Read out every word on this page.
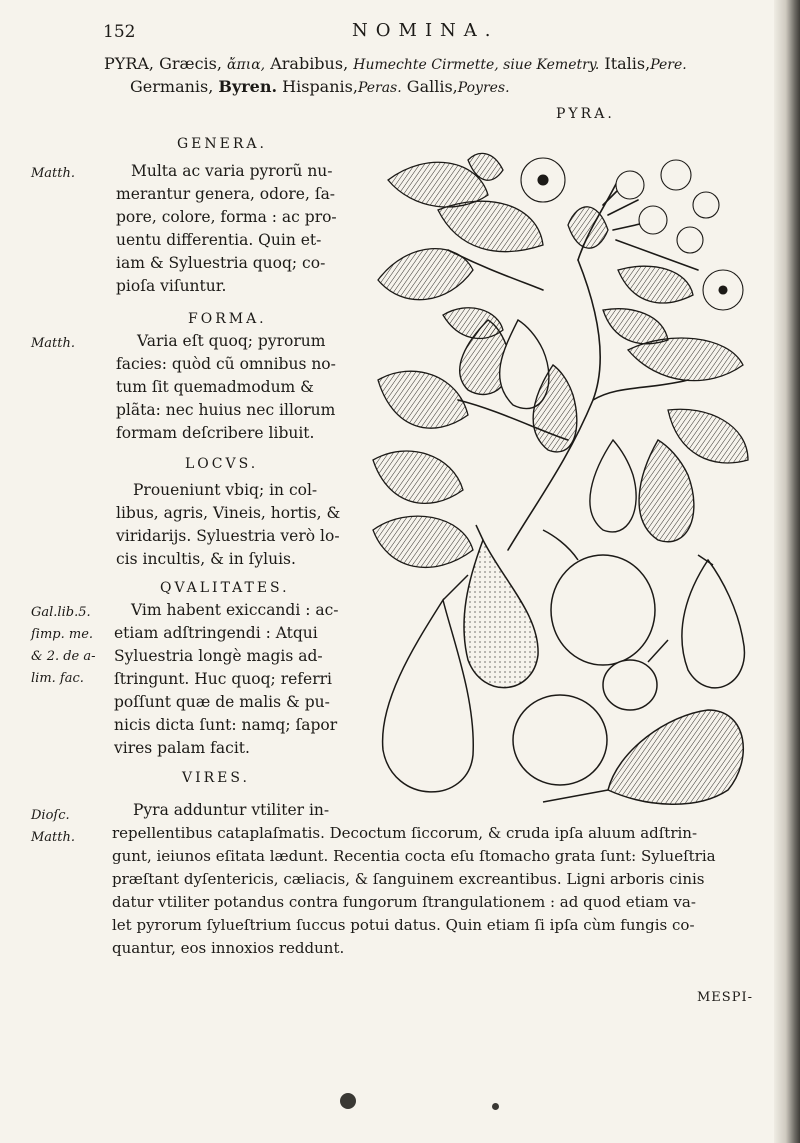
152	NOMINA.
PYRA, Græcis, ἄπια, Arabibus, Humechte Cirmette, siue Kemetry. Italis,Pere.
Germanis, Byren. Hispanis,Peras. Gallis,Poyres.
PYRA.
GENERA.
Matth.	Multa ac varia pyrorũ nu-
merantur genera, odore, ſa-
pore, colore, forma : ac pro-
uentu differentia. Quin et-
iam & Syluestria quoq; co-
pioſa viſuntur.
FORMA.
Matth.	Varia eſt quoq; pyrorum
facies: quòd cũ omnibus no-
tum ſit quemadmodum &
plãta: nec huius nec illorum
formam deſcribere libuit.
LOCVS.
Proueniunt vbiq; in col-
libus, agris, Vineis, hortis, &
viridarijs. Syluestria verò lo-
cis incultis, & in ſyluis.
QVALITATES.
Gal.lib.5.
ſimp. me.
& 2. de a-
lim. fac.
Vim habent exiccandi : ac-
etiam adſtringendi : Atqui
Syluestria longè magis ad-
ſtringunt. Huc quoq; referri
poſſunt quæ de malis & pu-
nicis dicta ſunt: namq; ſapor
vires palam facit.
VIRES.
Dioſc.
Matth.
Pyra adduntur vtiliter in-
repellentibus cataplaſmatis. Decoctum ſiccorum, & cruda ipſa aluum adſtrin-
gunt, ieiunos eſitata lædunt. Recentia cocta eſu ſtomacho grata ſunt: Sylueſtria
præſtant dyſentericis, cæliacis, & ſanguinem excreantibus. Ligni arboris cinis
datur vtiliter potandus contra fungorum ſtrangulationem : ad quod etiam va-
let pyrorum ſylueſtrium ſuccus potui datus. Quin etiam ſi ipſa cùm fungis co-
quantur, eos innoxios reddunt.
MESPI-
